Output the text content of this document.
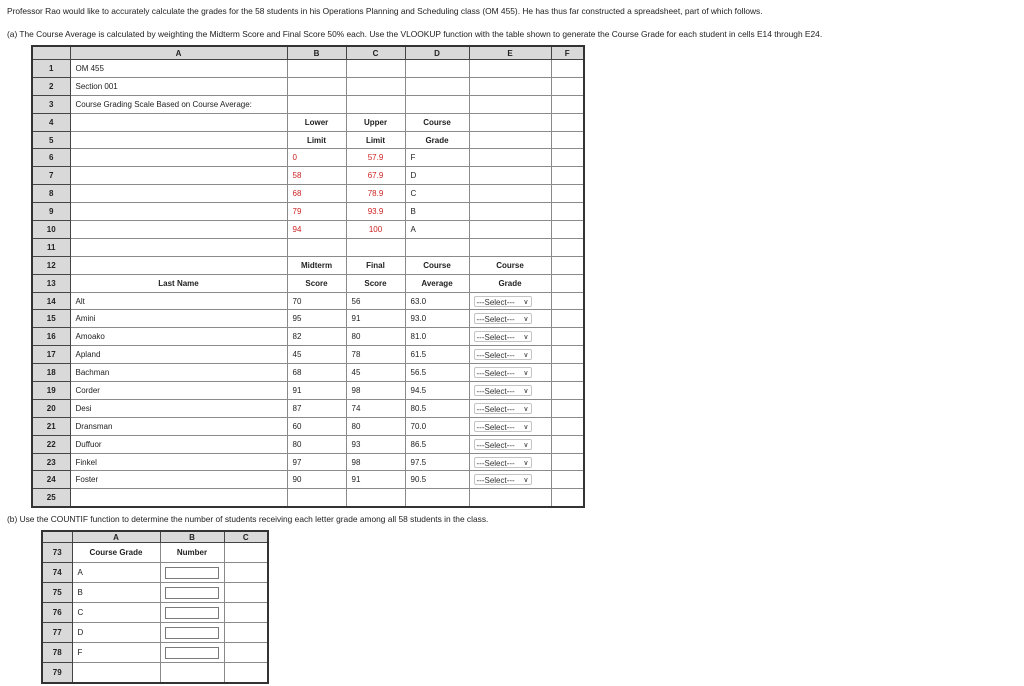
Professor Rao would like to accurately calculate the grades for the 58 students in his Operations Planning and Scheduling class (OM 455). He has thus far constructed a spreadsheet, part of which follows.
(a) The Course Average is calculated by weighting the Midterm Score and Final Score 50% each. Use the VLOOKUP function with the table shown to generate the Course Grade for each student in cells E14 through E24.
	A	B	C	D	E	F
1	OM 455					
2	Section 001					
3	Course Grading Scale Based on Course Average:					
4		Lower	Upper	Course		
5		Limit	Limit	Grade		
6		0	57.9	F		
7		58	67.9	D		
8		68	78.9	C		
9		79	93.9	B		
10		94	100	A		
11						
12		Midterm	Final	Course	Course	
13	Last Name	Score	Score	Average	Grade	
14	Alt	70	56	63.0	---Select--- ∨	

15	Amini	95	91	93.0	---Select--- ∨	

16	Amoako	82	80	81.0	---Select--- ∨	

17	Apland	45	78	61.5	---Select--- ∨	

18	Bachman	68	45	56.5	---Select--- ∨	

19	Corder	91	98	94.5	---Select--- ∨	

20	Desi	87	74	80.5	---Select--- ∨	

21	Dransman	60	80	70.0	---Select--- ∨	

22	Duffuor	80	93	86.5	---Select--- ∨	

23	Finkel	97	98	97.5	---Select--- ∨	

24	Foster	90	91	90.5	---Select--- ∨	

25						
(b) Use the COUNTIF function to determine the number of students receiving each letter grade among all 58 students in the class.
	A	B	C
73	Course Grade	Number	
74	A		
75	B		
76	C		
77	D		
78	F		
79			
